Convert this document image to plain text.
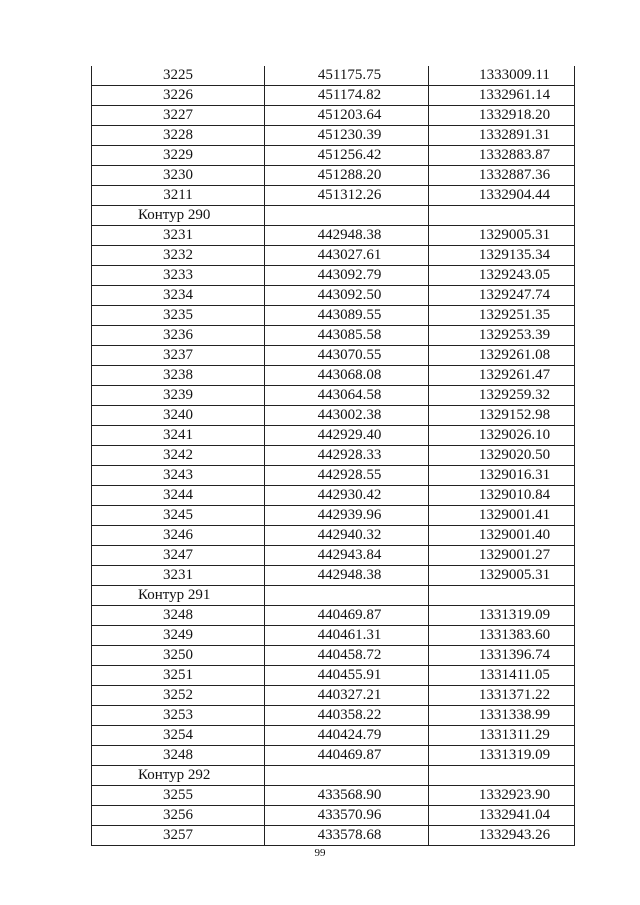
3225	451175.75	1333009.11
3226	451174.82	1332961.14
3227	451203.64	1332918.20
3228	451230.39	1332891.31
3229	451256.42	1332883.87
3230	451288.20	1332887.36
3211	451312.26	1332904.44
Контур 290		
3231	442948.38	1329005.31
3232	443027.61	1329135.34
3233	443092.79	1329243.05
3234	443092.50	1329247.74
3235	443089.55	1329251.35
3236	443085.58	1329253.39
3237	443070.55	1329261.08
3238	443068.08	1329261.47
3239	443064.58	1329259.32
3240	443002.38	1329152.98
3241	442929.40	1329026.10
3242	442928.33	1329020.50
3243	442928.55	1329016.31
3244	442930.42	1329010.84
3245	442939.96	1329001.41
3246	442940.32	1329001.40
3247	442943.84	1329001.27
3231	442948.38	1329005.31
Контур 291		
3248	440469.87	1331319.09
3249	440461.31	1331383.60
3250	440458.72	1331396.74
3251	440455.91	1331411.05
3252	440327.21	1331371.22
3253	440358.22	1331338.99
3254	440424.79	1331311.29
3248	440469.87	1331319.09
Контур 292		
3255	433568.90	1332923.90
3256	433570.96	1332941.04
3257	433578.68	1332943.26
99
